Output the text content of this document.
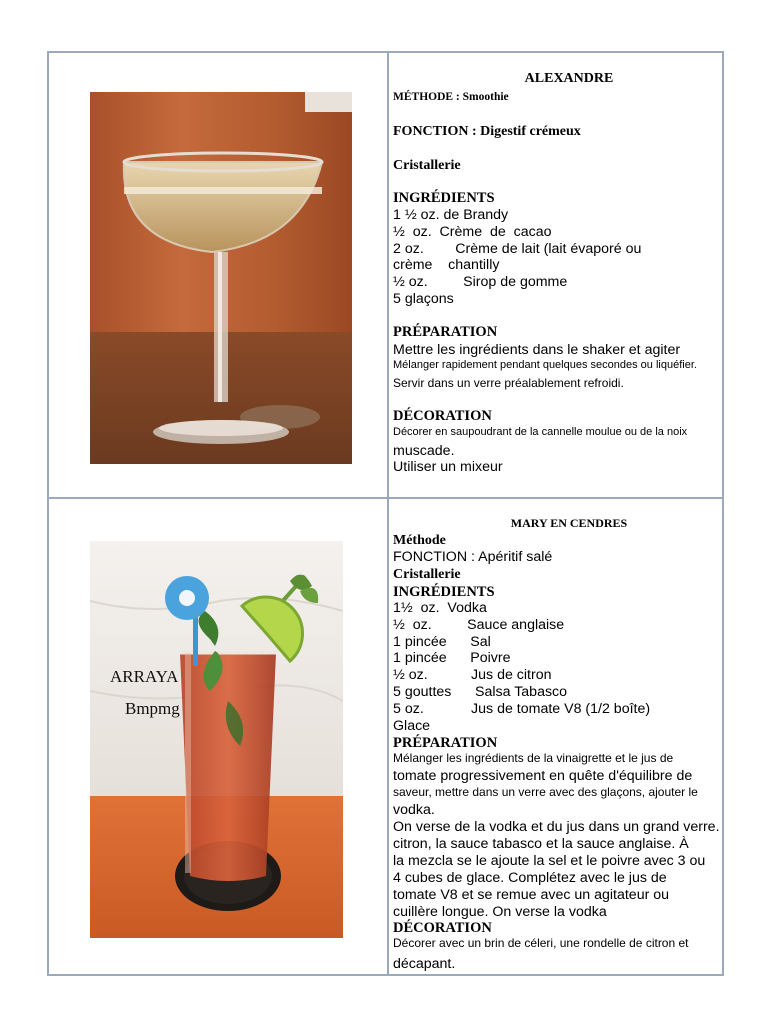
ALEXANDRE
MÉTHODE : Smoothie
FONCTION : Digestif crémeux
Cristallerie
INGRÉDIENTS
1 ½ oz. de Brandy
½  oz.  Crème  de  cacao
2 oz.        Crème de lait (lait évaporé ou
crème    chantilly
½ oz.         Sirop de gomme
5 glaçons
PRÉPARATION
Mettre les ingrédients dans le shaker et agiter
Mélanger rapidement pendant quelques secondes ou liquéfier.
Servir dans un verre préalablement refroidi.
DÉCORATION
Décorer en saupoudrant de la cannelle moulue ou de la noix
muscade.
Utiliser un mixeur
ARRAYA
Bmpmg
MARY EN CENDRES
Méthode
FONCTION : Apéritif salé
Cristallerie
INGRÉDIENTS
1½  oz.  Vodka
½  oz.         Sauce anglaise
1 pincée      Sal
1 pincée      Poivre
½ oz.           Jus de citron
5 gouttes      Salsa Tabasco
5 oz.            Jus de tomate V8 (1/2 boîte)
Glace
PRÉPARATION
Mélanger les ingrédients de la vinaigrette et le jus de
tomate progressivement en quête d'équilibre de
saveur, mettre dans un verre avec des glaçons, ajouter le
vodka.
On verse de la vodka et du jus dans un grand verre.
citron, la sauce tabasco et la sauce anglaise. À
la mezcla se le ajoute la sel et le poivre avec 3 ou
4 cubes de glace. Complétez avec le jus de
tomate V8 et se remue avec un agitateur ou
cuillère longue. On verse la vodka
DÉCORATION
Décorer avec un brin de céleri, une rondelle de citron et
décapant.
